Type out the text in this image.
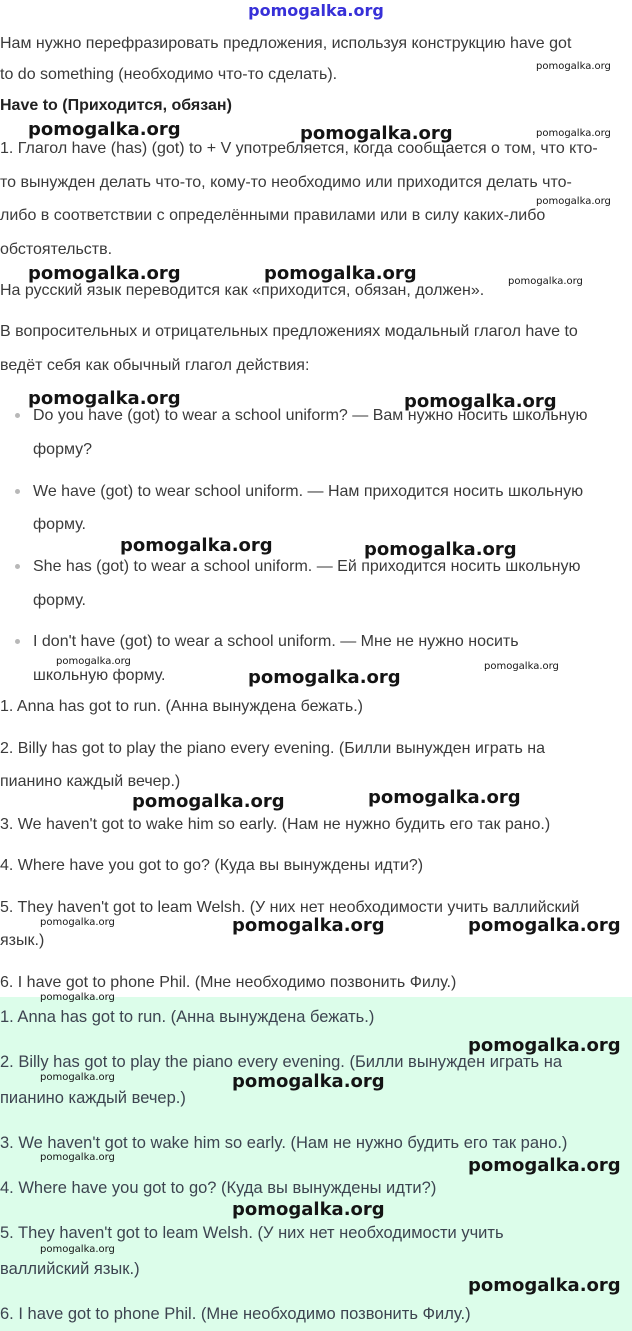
pomogalka.org
Нам нужно перефразировать предложения, используя конструкцию have got
to do something (необходимо что-то сделать).
Have to (Приходится, обязан)
1. Глагол have (has) (got) to + V употребляется, когда сообщается о том, что кто-
то вынужден делать что-то, кому-то необходимо или приходится делать что-
либо в соответствии с определёнными правилами или в силу каких-либо
обстоятельств.
На русский язык переводится как «приходится, обязан, должен».
В вопросительных и отрицательных предложениях модальный глагол have to
ведёт себя как обычный глагол действия:
Do you have (got) to wear a school uniform? — Вам нужно носить школьную
форму?
We have (got) to wear school uniform. — Нам приходится носить школьную
форму.
She has (got) to wear a school uniform. — Ей приходится носить школьную
форму.
I don't have (got) to wear a school uniform. — Мне не нужно носить
школьную форму.
1. Anna has got to run. (Анна вынуждена бежать.)
2. Billy has got to play the piano every evening. (Билли вынужден играть на
пианино каждый вечер.)
3. We haven't got to wake him so early. (Нам не нужно будить его так рано.)
4. Where have you got to go? (Куда вы вынуждены идти?)
5. They haven't got to leam Welsh. (У них нет необходимости учить валлийский
язык.)
6. I have got to phone Phil. (Мне необходимо позвонить Филу.)
1. Anna has got to run. (Анна вынуждена бежать.)
2. Billy has got to play the piano every evening. (Билли вынужден играть на
пианино каждый вечер.)
3. We haven't got to wake him so early. (Нам не нужно будить его так рано.)
4. Where have you got to go? (Куда вы вынуждены идти?)
5. They haven't got to leam Welsh. (У них нет необходимости учить
валлийский язык.)
6. I have got to phone Phil. (Мне необходимо позвонить Филу.)
pomogalka.org
pomogalka.org	pomogalka.org	pomogalka.org
pomogalka.org
pomogalka.org	pomogalka.org	pomogalka.org
pomogalka.org	pomogalka.org
pomogalka.org	pomogalka.org
pomogalka.org	pomogalka.org
pomogalka.org
pomogalka.org	pomogalka.org
pomogalka.org	pomogalka.org	pomogalka.org
pomogalka.org
pomogalka.org
pomogalka.org	pomogalka.org
pomogalka.org	pomogalka.org
pomogalka.org
pomogalka.org
pomogalka.org
